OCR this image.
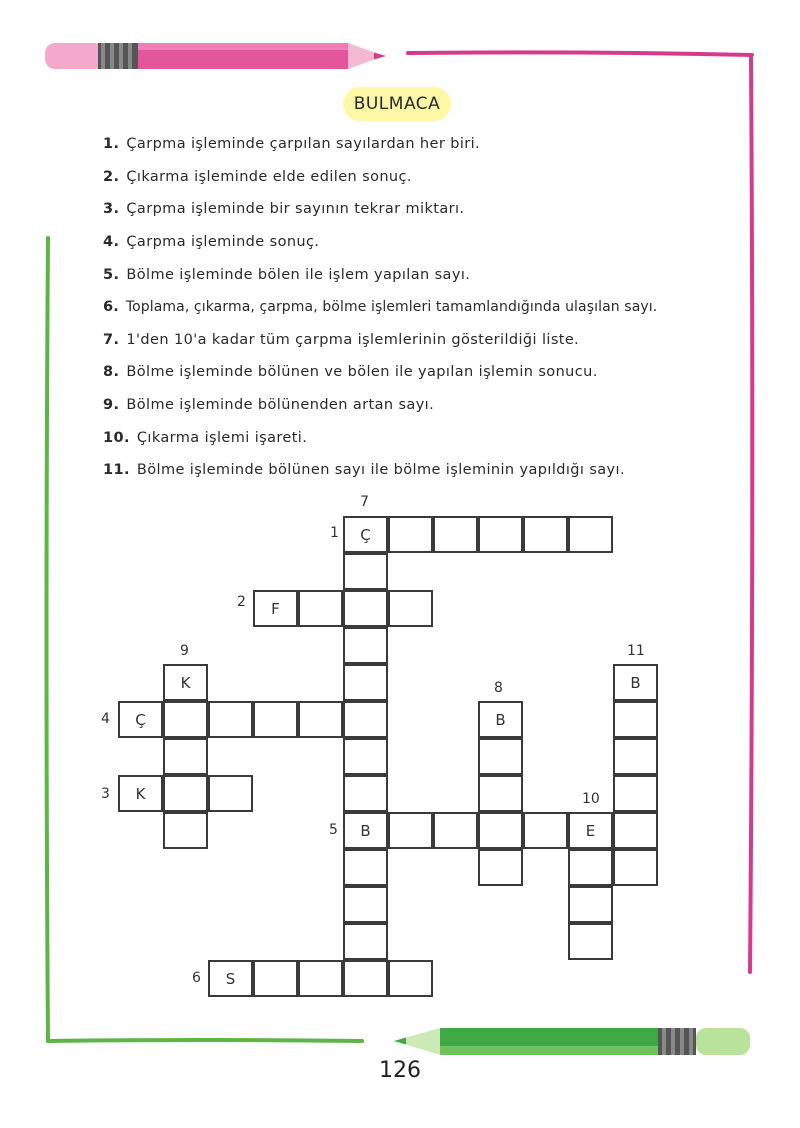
BULMACA
1. Çarpma işleminde çarpılan sayılardan her biri.
2. Çıkarma işleminde elde edilen sonuç.
3. Çarpma işleminde bir sayının tekrar miktarı.
4. Çarpma işleminde sonuç.
5. Bölme işleminde bölen ile işlem yapılan sayı.
6. Toplama, çıkarma, çarpma, bölme işlemleri tamamlandığında ulaşılan sayı.
7. 1'den 10'a kadar tüm çarpma işlemlerinin gösterildiği liste.
8. Bölme işleminde bölünen ve bölen ile yapılan işlemin sonucu.
9. Bölme işleminde bölünenden artan sayı.
10. Çıkarma işlemi işareti.
11. Bölme işleminde bölünen sayı ile bölme işleminin yapıldığı sayı.
Ç
F
K
Ç
B	E
S
K
B
B
1
2
3
4
5
6
7
8
9
10
11
126
